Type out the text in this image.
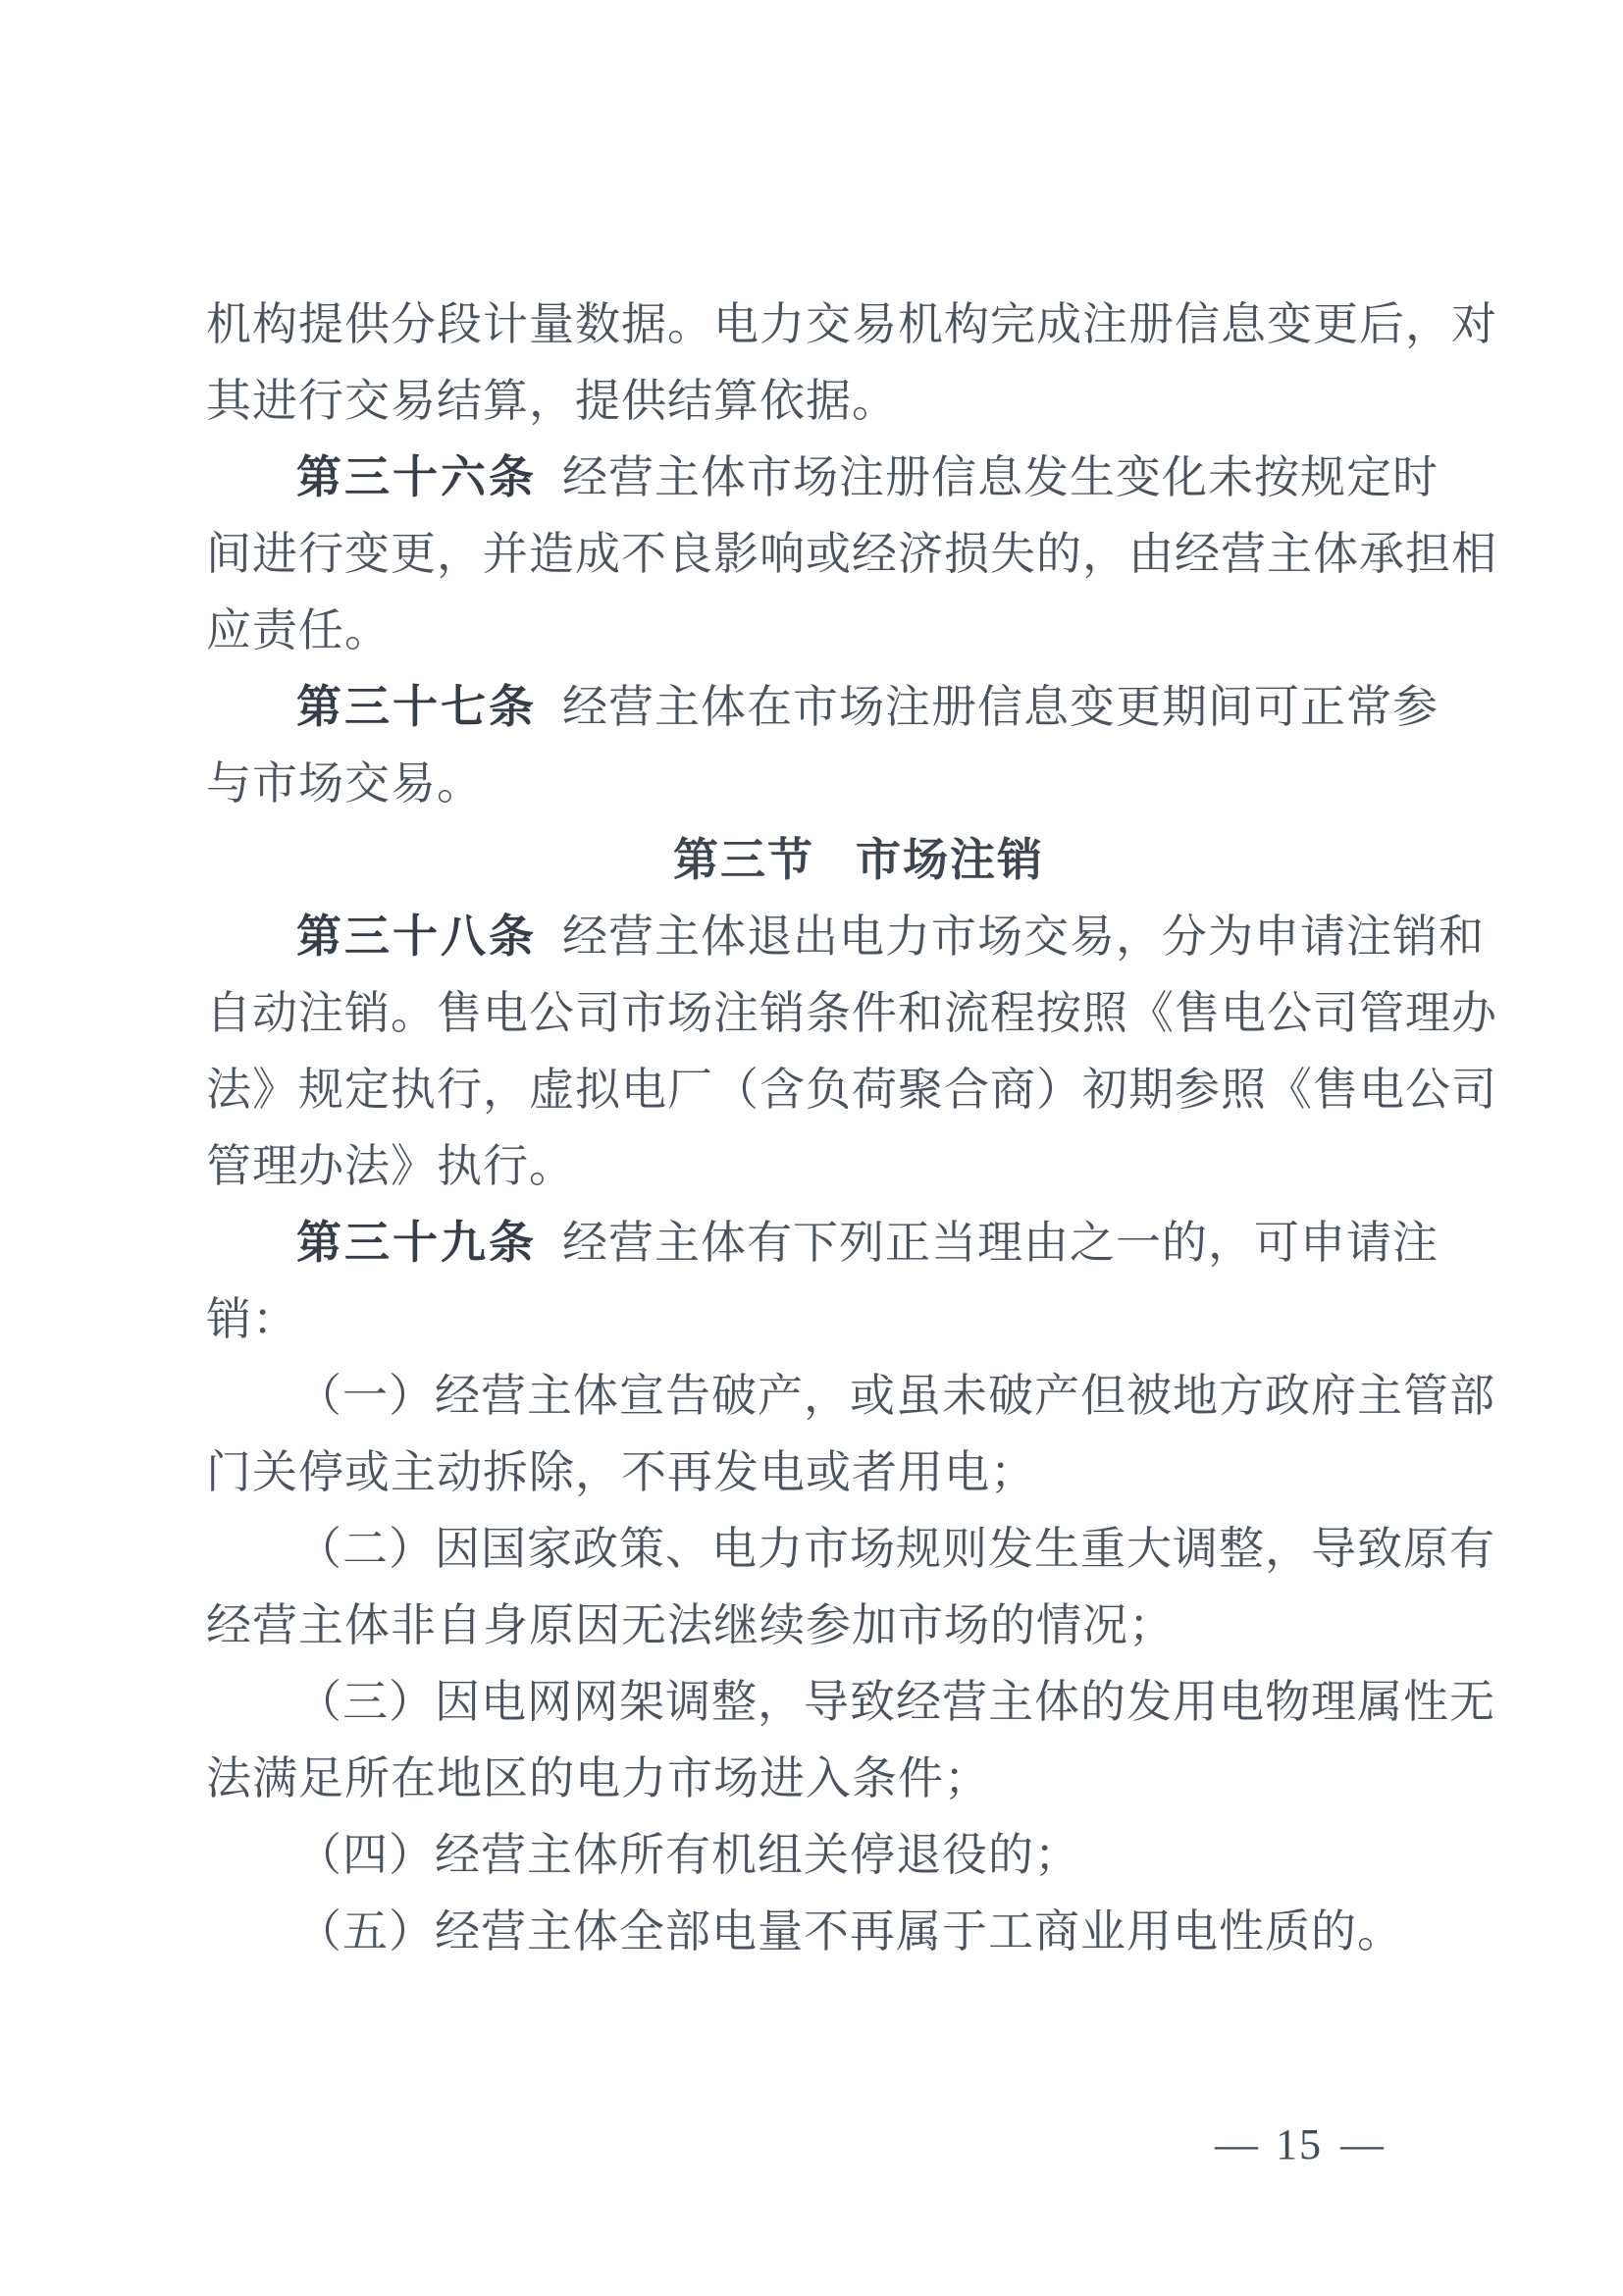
机构提供分段计量数据。电力交易机构完成注册信息变更后，对
其进行交易结算，提供结算依据。
第三十六条 经营主体市场注册信息发生变化未按规定时
间进行变更，并造成不良影响或经济损失的，由经营主体承担相
应责任。
第三十七条 经营主体在市场注册信息变更期间可正常参
与市场交易。
第三节 市场注销
第三十八条 经营主体退出电力市场交易，分为申请注销和
自动注销。售电公司市场注销条件和流程按照《售电公司管理办
法》规定执行，虚拟电厂（含负荷聚合商）初期参照《售电公司
管理办法》执行。
第三十九条 经营主体有下列正当理由之一的，可申请注
销：
（一）经营主体宣告破产，或虽未破产但被地方政府主管部
门关停或主动拆除，不再发电或者用电；
（二）因国家政策、电力市场规则发生重大调整，导致原有
经营主体非自身原因无法继续参加市场的情况；
（三）因电网网架调整，导致经营主体的发用电物理属性无
法满足所在地区的电力市场进入条件；
（四）经营主体所有机组关停退役的；
（五）经营主体全部电量不再属于工商业用电性质的。
— 15 —
